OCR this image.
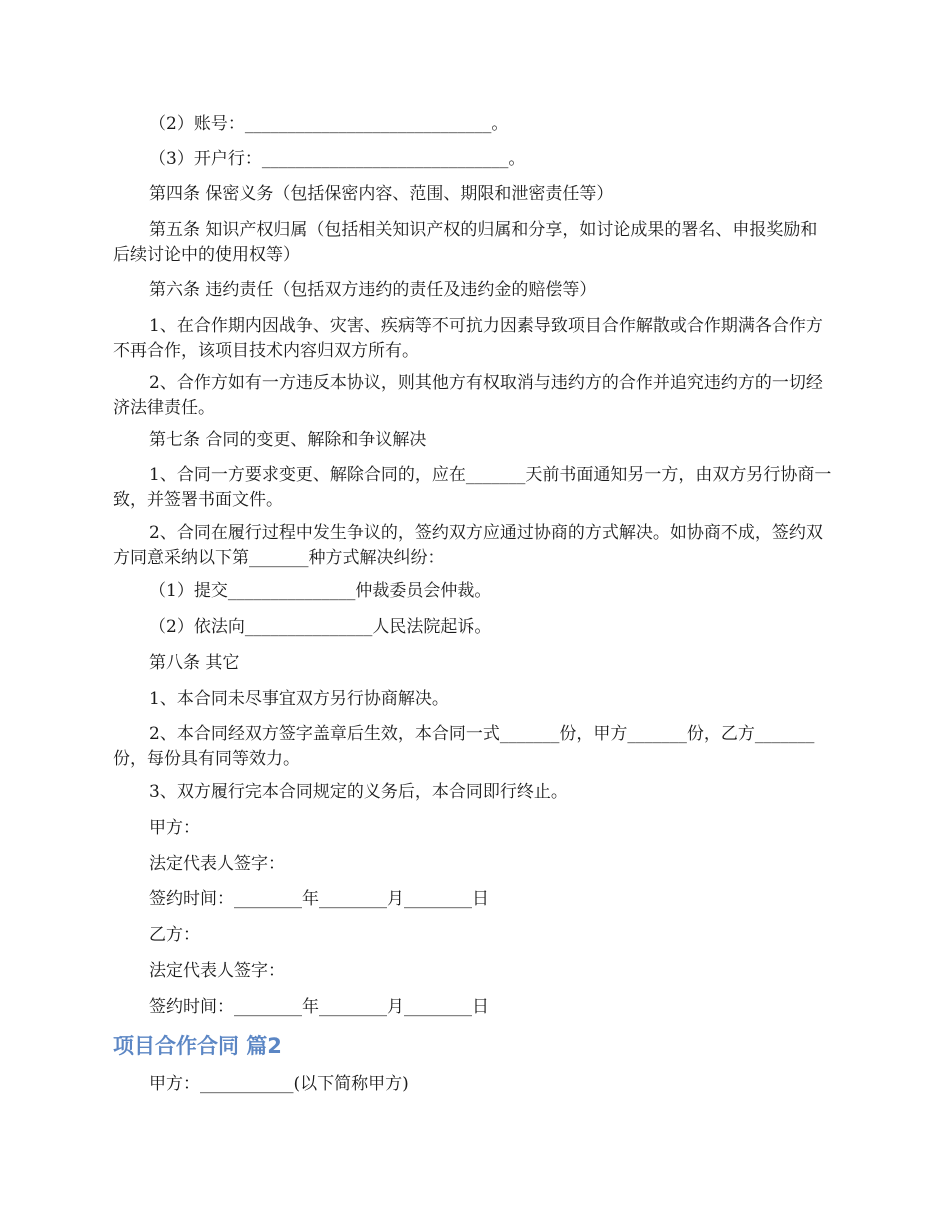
（2）账号：_____________________________。
（3）开户行：_____________________________。
第四条 保密义务（包括保密内容、范围、期限和泄密责任等）
第五条 知识产权归属（包括相关知识产权的归属和分享，如讨论成果的署名、申报奖励和后续讨论中的使用权等）
第六条 违约责任（包括双方违约的责任及违约金的赔偿等）
1、在合作期内因战争、灾害、疾病等不可抗力因素导致项目合作解散或合作期满各合作方不再合作，该项目技术内容归双方所有。
2、合作方如有一方违反本协议，则其他方有权取消与违约方的合作并追究违约方的一切经济法律责任。
第七条 合同的变更、解除和争议解决
1、合同一方要求变更、解除合同的，应在_______天前书面通知另一方，由双方另行协商一致，并签署书面文件。
2、合同在履行过程中发生争议的，签约双方应通过协商的方式解决。如协商不成，签约双方同意采纳以下第_______种方式解决纠纷：
（1）提交_______________仲裁委员会仲裁。
（2）依法向_______________人民法院起诉。
第八条 其它
1、本合同未尽事宜双方另行协商解决。
2、本合同经双方签字盖章后生效，本合同一式_______份，甲方_______份，乙方_______份，每份具有同等效力。
3、双方履行完本合同规定的义务后，本合同即行终止。
甲方：
法定代表人签字：
签约时间：________年________月________日
乙方：
法定代表人签字：
签约时间：________年________月________日
项目合作合同 篇2
甲方：___________(以下简称甲方)
